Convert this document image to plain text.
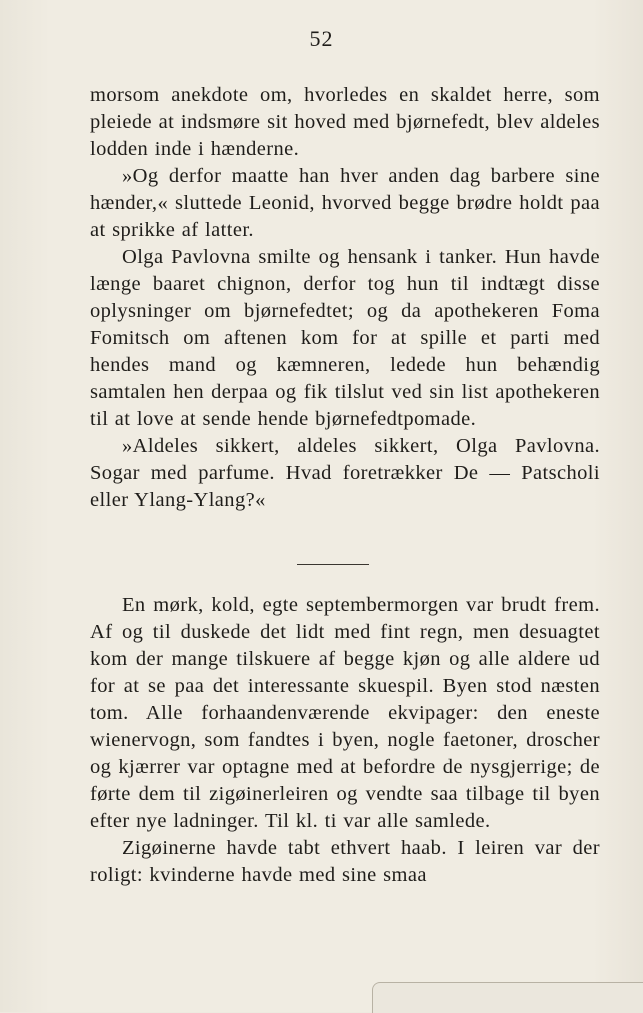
52

morsom anekdote om, hvorledes en skaldet herre, som pleiede at indsmøre sit hoved med bjørnefedt, blev aldeles lodden inde i hænderne.

»Og derfor maatte han hver anden dag barbere sine hænder,« sluttede Leonid, hvorved begge brødre holdt paa at sprikke af latter.

Olga Pavlovna smilte og hensank i tanker. Hun havde længe baaret chignon, derfor tog hun til indtægt disse oplysninger om bjørnefedtet; og da apothekeren Foma Fomitsch om aftenen kom for at spille et parti med hendes mand og kæmneren, ledede hun behændig samtalen hen derpaa og fik tilslut ved sin list apothekeren til at love at sende hende bjørnefedtpomade.

»Aldeles sikkert, aldeles sikkert, Olga Pavlovna. Sogar med parfume. Hvad foretrækker De — Patscholi eller Ylang-Ylang?«

En mørk, kold, egte septembermorgen var brudt frem. Af og til duskede det lidt med fint regn, men desuagtet kom der mange tilskuere af begge kjøn og alle aldere ud for at se paa det interessante skuespil. Byen stod næsten tom. Alle forhaandenværende ekvipager: den eneste wienervogn, som fandtes i byen, nogle faetoner, droscher og kjærrer var optagne med at befordre de nysgjerrige; de førte dem til zigøinerleiren og vendte saa tilbage til byen efter nye ladninger. Til kl. ti var alle samlede.

Zigøinerne havde tabt ethvert haab. I leiren var der roligt: kvinderne havde med sine smaa
